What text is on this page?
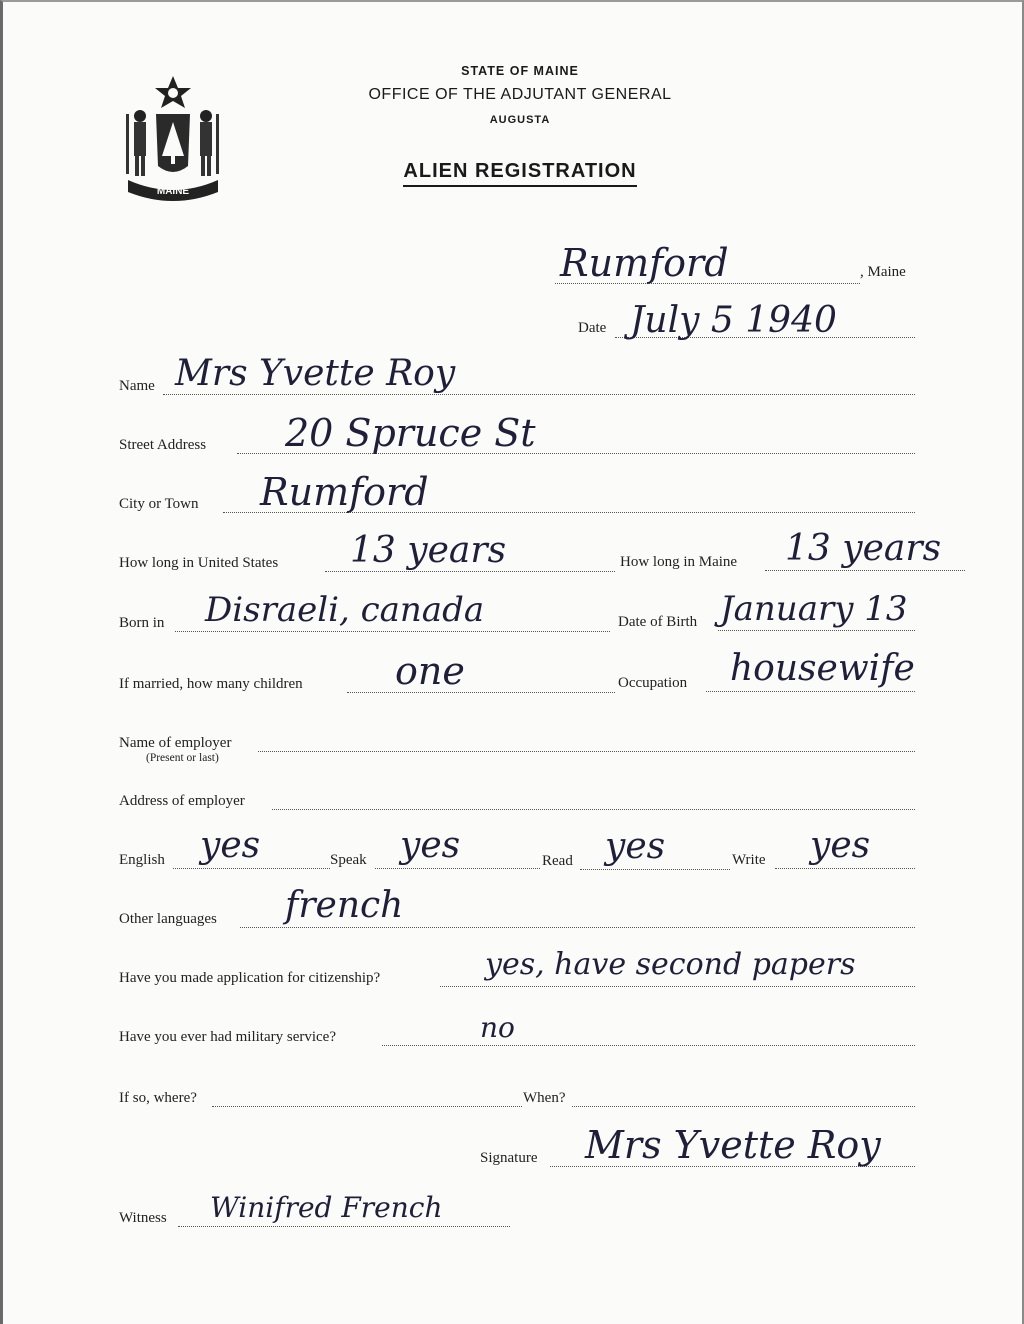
MAINE
STATE OF MAINE
OFFICE OF THE ADJUTANT GENERAL
AUGUSTA
ALIEN REGISTRATION
Rumford	, Maine
Date July 5 1940
Name Mrs Yvette Roy
Street Address 20 Spruce St
City or Town Rumford
How long in United States 13 years	How long in Maine 13 years
Born in Disraeli, canada	Date of Birth January 13
If married, how many children one	Occupation housewife
Name of employer
(Present or last)
Address of employer
English yes	Speak yes	Read yes	Write yes
Other languages french
Have you made application for citizenship?	yes, have second papers
Have you ever had military service?	no
If so, where?	When?
Signature Mrs Yvette Roy
Witness Winifred French
